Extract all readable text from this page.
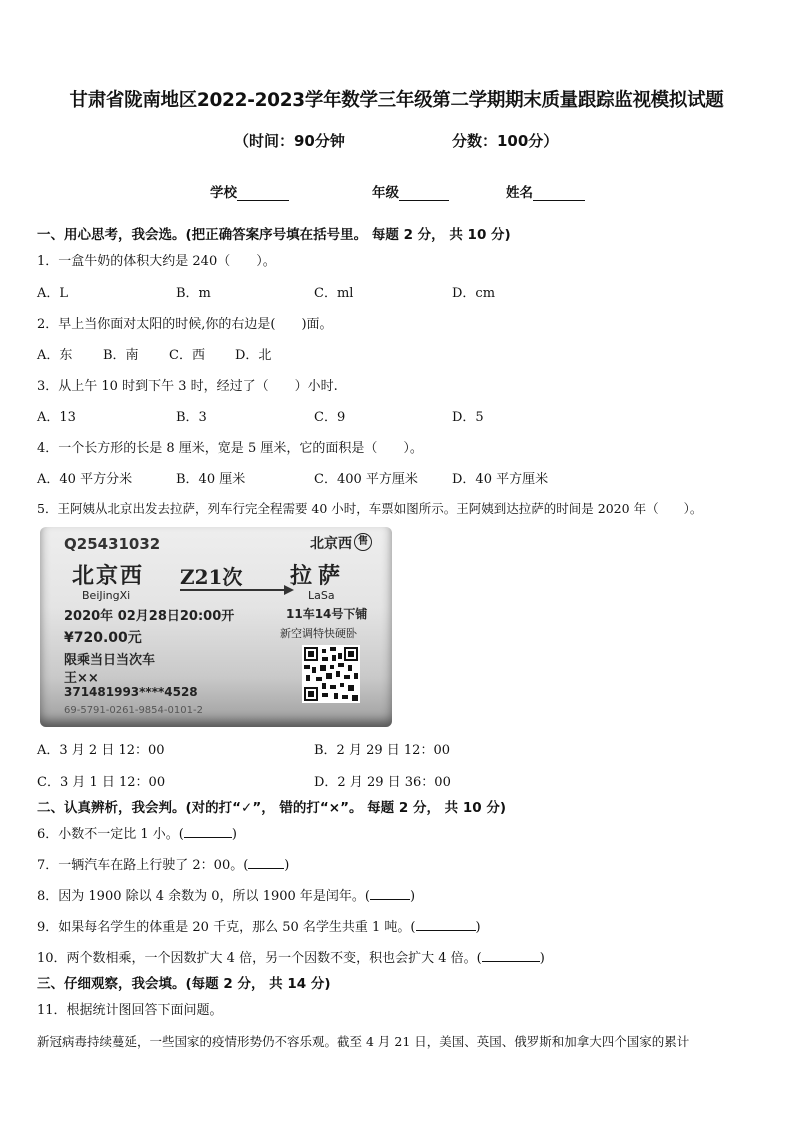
甘肃省陇南地区2022-2023学年数学三年级第二学期期末质量跟踪监视模拟试题
（时间：90分钟	分数：100分）
学校	年级	姓名
一、用心思考，我会选。(把正确答案序号填在括号里。 每题 2 分， 共 10 分)
1．一盒牛奶的体积大约是 240（　　）。
A．L	B．m	C．ml	D．cm
2．早上当你面对太阳的时候,你的右边是(　　)面。
A．东 B．南 C．西 D．北
3．从上午 10 时到下午 3 时，经过了（　　）小时.
A．13	B．3	C．9	D．5
4．一个长方形的长是 8 厘米，宽是 5 厘米，它的面积是（　　）。
A．40 平方分米	B．40 厘米	C．400 平方厘米	D．40 平方厘米
5．王阿姨从北京出发去拉萨，列车行完全程需要 40 小时，车票如图所示。王阿姨到达拉萨的时间是 2020 年（　　）。
Q25431032	北京西 售
北京西
BeiJingXi
Z21次 拉萨
LaSa
2020年 02月28日20:00开	11车14号下铺
¥720.00元	新空调特快硬卧
限乘当日当次车
王××
371481993****4528
69-5791-0261-9854-0101-2
A．3 月 2 日 12：00	B．2 月 29 日 12：00
C．3 月 1 日 12：00	D．2 月 29 日 36：00
二、认真辨析，我会判。(对的打“✓”， 错的打“×”。 每题 2 分， 共 10 分)
6．小数不一定比 1 小。(	)
7．一辆汽车在路上行驶了 2：00。(	)
8．因为 1900 除以 4 余数为 0，所以 1900 年是闰年。(	)
9．如果每名学生的体重是 20 千克，那么 50 名学生共重 1 吨。(	)
10．两个数相乘，一个因数扩大 4 倍，另一个因数不变，积也会扩大 4 倍。(	)
三、仔细观察，我会填。(每题 2 分， 共 14 分)
11．根据统计图回答下面问题。
新冠病毒持续蔓延，一些国家的疫情形势仍不容乐观。截至 4 月 21 日，美国、英国、俄罗斯和加拿大四个国家的累计
